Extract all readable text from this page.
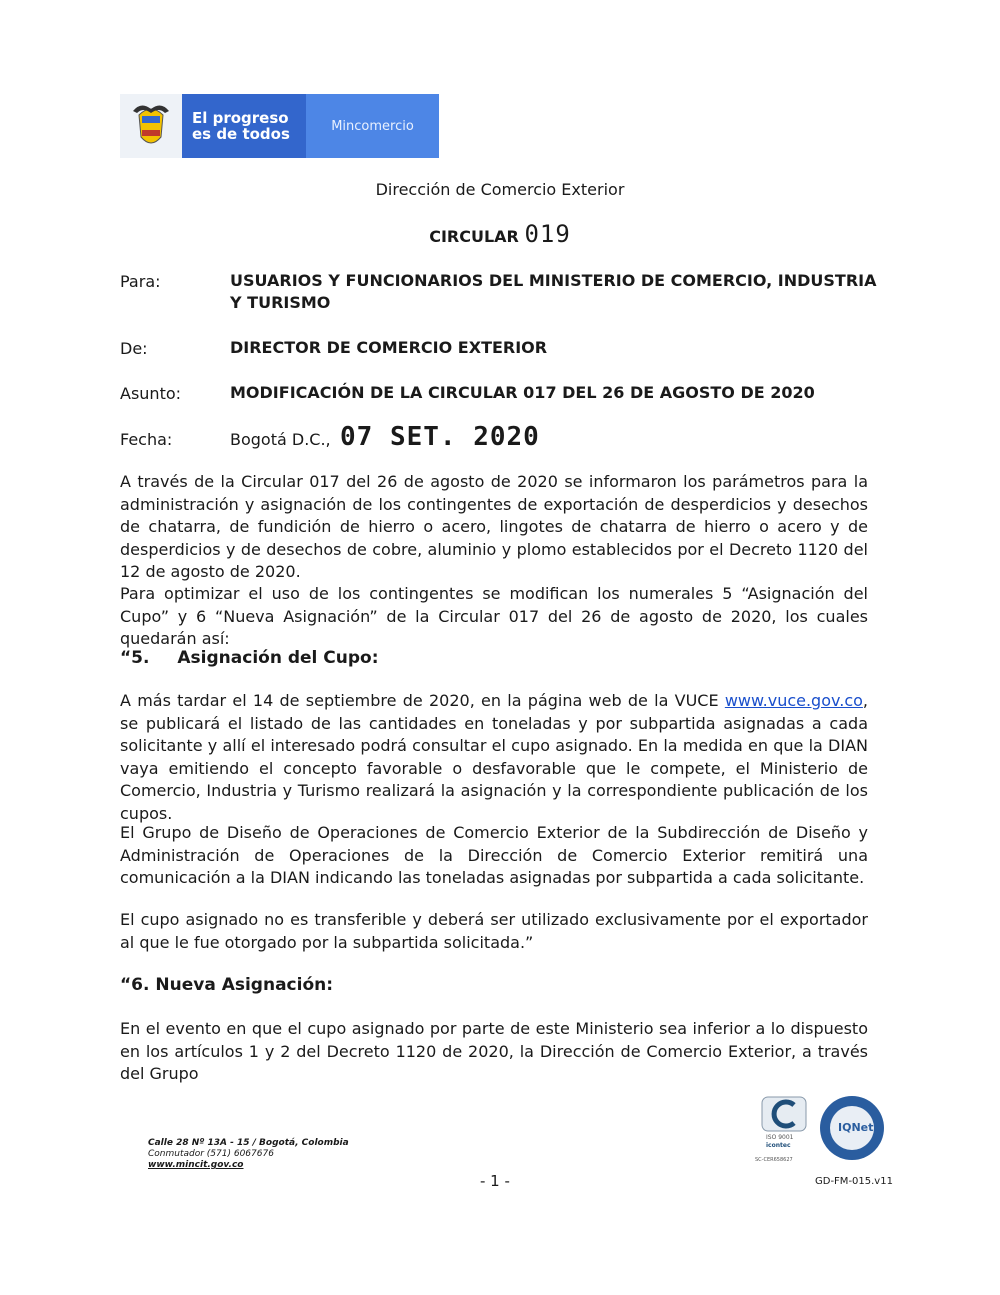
El progreso
es de todos	Mincomercio
Dirección de Comercio Exterior
CIRCULAR 019
Para:	USUARIOS Y FUNCIONARIOS DEL MINISTERIO DE COMERCIO, INDUSTRIA Y TURISMO
De:	DIRECTOR DE COMERCIO EXTERIOR
Asunto:	MODIFICACIÓN DE LA CIRCULAR 017 DEL 26 DE AGOSTO DE 2020
Fecha:	Bogotá D.C., 07 SET. 2020
A través de la Circular 017 del 26 de agosto de 2020 se informaron los parámetros para la administración y asignación de los contingentes de exportación de desperdicios y desechos de chatarra, de fundición de hierro o acero, lingotes de chatarra de hierro o acero y de desperdicios y de desechos de cobre, aluminio y plomo establecidos por el Decreto 1120 del 12 de agosto de 2020.
Para optimizar el uso de los contingentes se modifican los numerales 5 “Asignación del Cupo” y 6 “Nueva Asignación” de la Circular 017 del 26 de agosto de 2020, los cuales quedarán así:
“5. Asignación del Cupo:
A más tardar el 14 de septiembre de 2020, en la página web de la VUCE www.vuce.gov.co, se publicará el listado de las cantidades en toneladas y por subpartida asignadas a cada solicitante y allí el interesado podrá consultar el cupo asignado. En la medida en que la DIAN vaya emitiendo el concepto favorable o desfavorable que le compete, el Ministerio de Comercio, Industria y Turismo realizará la asignación y la correspondiente publicación de los cupos.
El Grupo de Diseño de Operaciones de Comercio Exterior de la Subdirección de Diseño y Administración de Operaciones de la Dirección de Comercio Exterior remitirá una comunicación a la DIAN indicando las toneladas asignadas por subpartida a cada solicitante.
El cupo asignado no es transferible y deberá ser utilizado exclusivamente por el exportador al que le fue otorgado por la subpartida solicitada.”
“6. Nueva Asignación:
En el evento en que el cupo asignado por parte de este Ministerio sea inferior a lo dispuesto en los artículos 1 y 2 del Decreto 1120 de 2020, la Dirección de Comercio Exterior, a través del Grupo
Calle 28 Nº 13A - 15 / Bogotá, Colombia
Conmutador (571) 6067676
www.mincit.gov.co
- 1 -
ISO 9001
icontec
SC-CER658627
IQNet
GD-FM-015.v11
